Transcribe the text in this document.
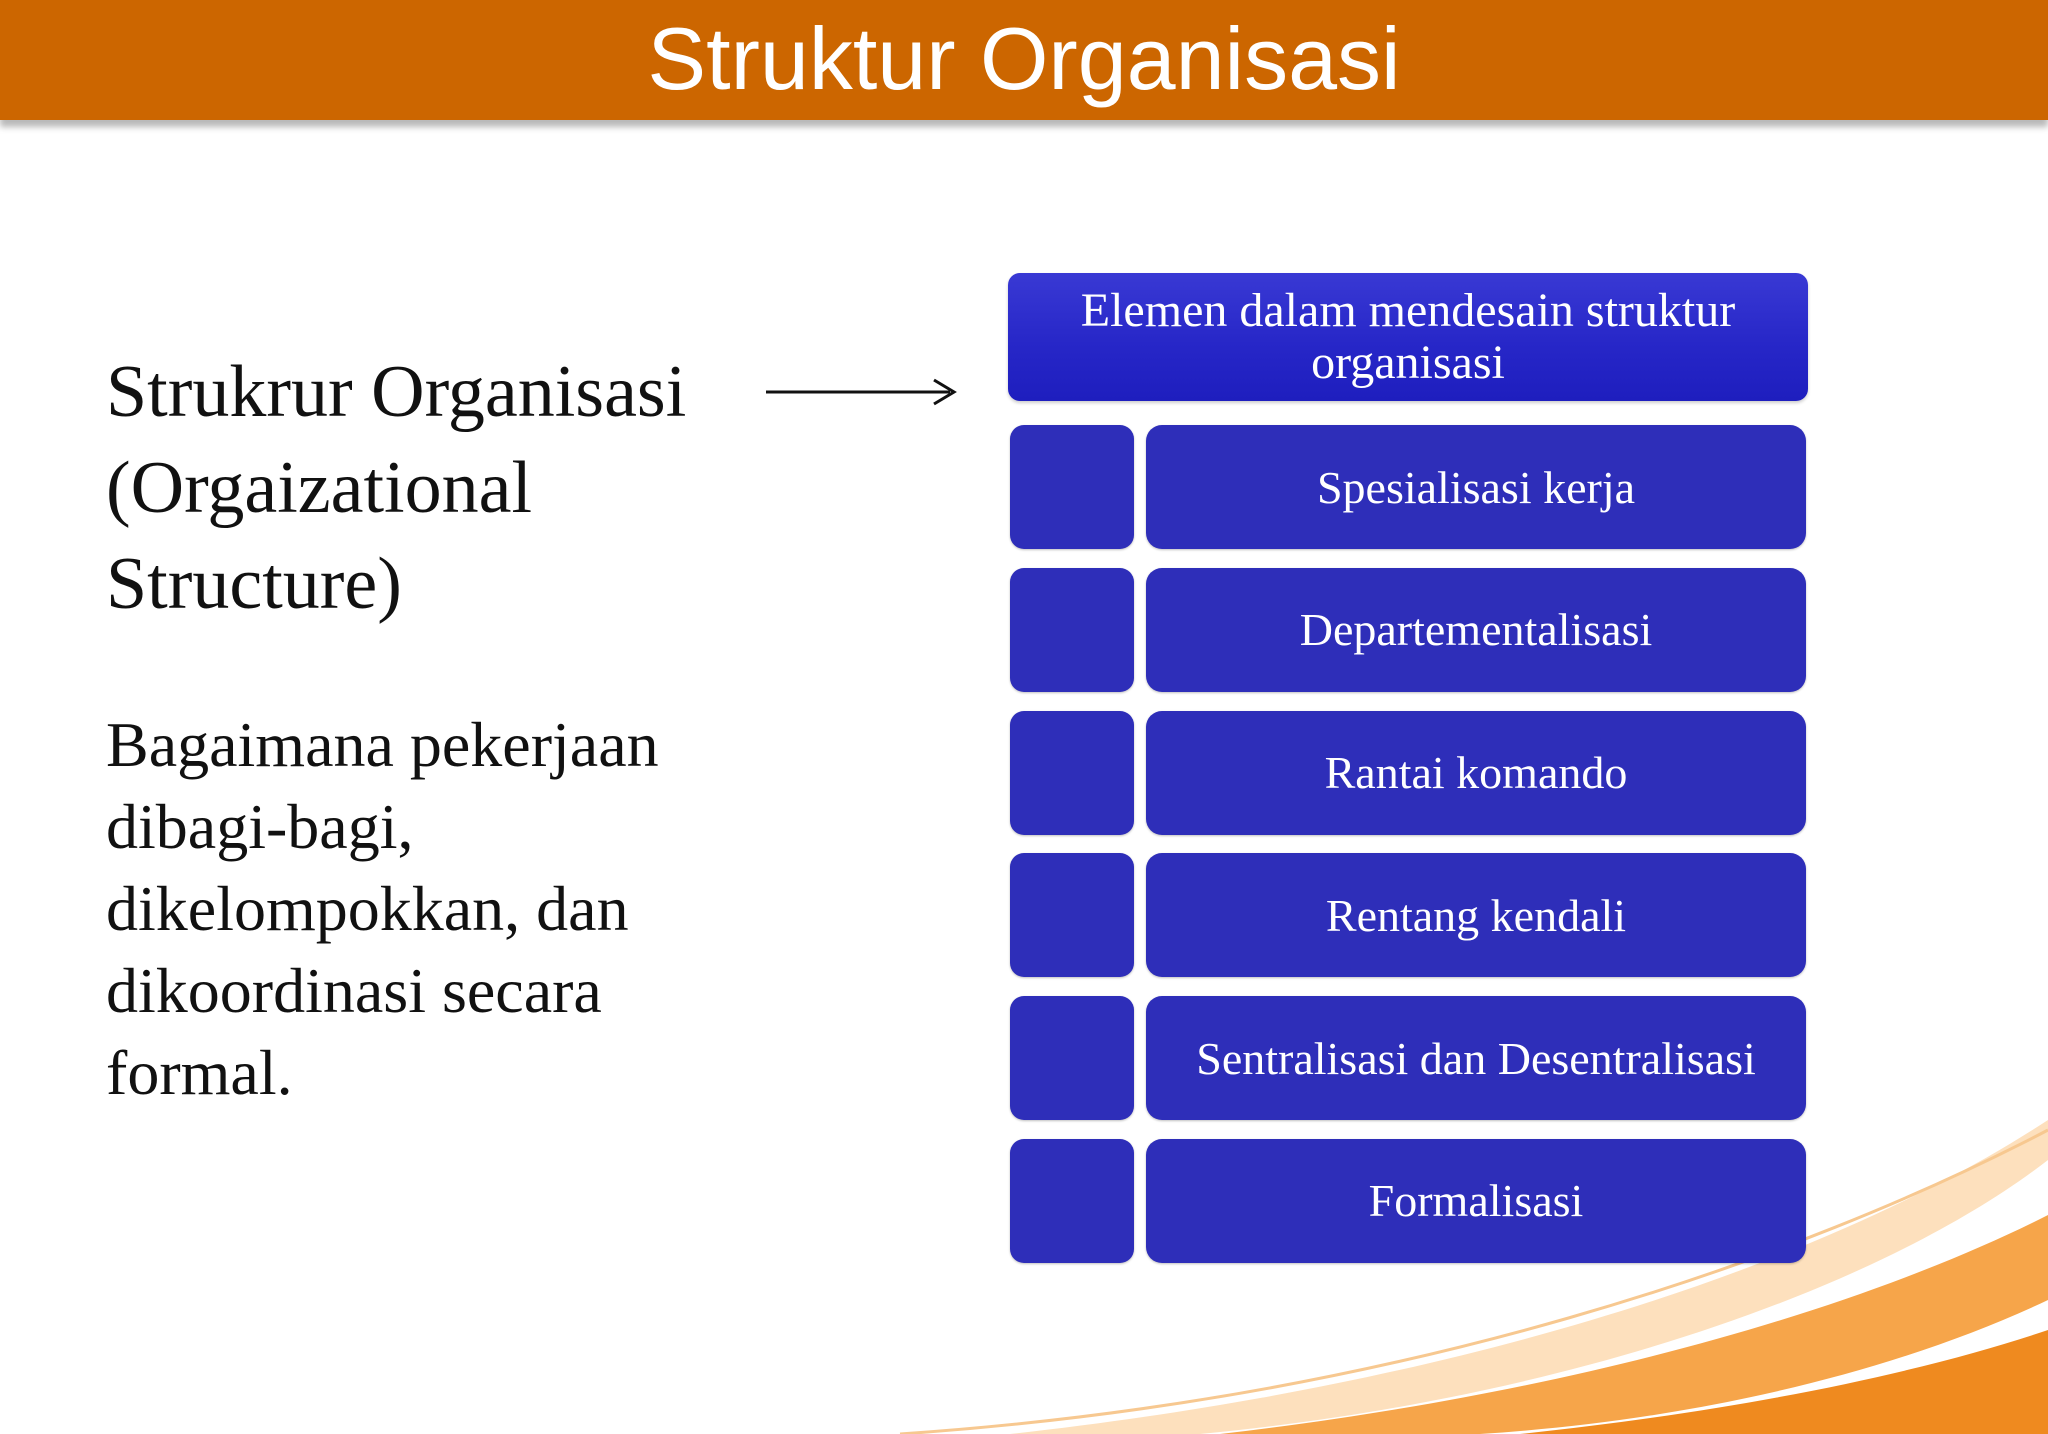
Struktur Organisasi
Strukrur Organisasi
(Orgaizational
Structure)
Bagaimana pekerjaan dibagi-bagi, dikelompokkan, dan dikoordinasi secara formal.
Elemen dalam mendesain struktur organisasi
Spesialisasi kerja
Departementalisasi
Rantai komando
Rentang kendali
Sentralisasi dan Desentralisasi
Formalisasi
